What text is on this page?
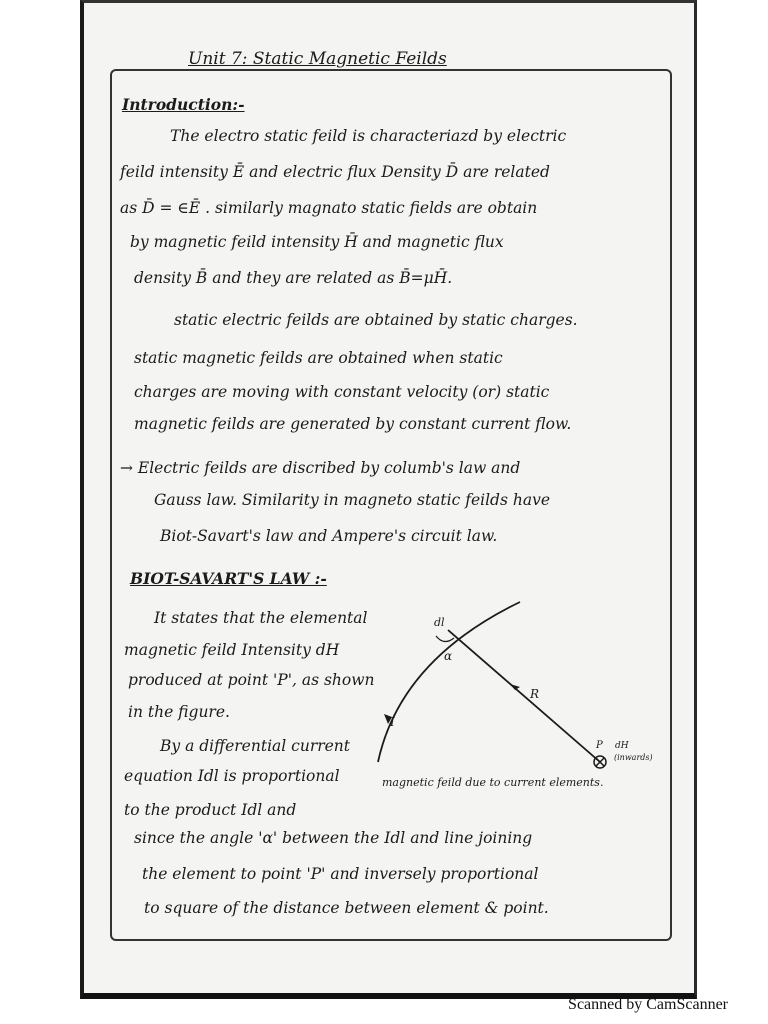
Unit 7: Static Magnetic Feilds

Introduction:-

The electro static feild is characteriazd by electric

feild intensity Ē and electric flux Density D̄ are related

as D̄ = ∈Ē . similarly magnato static fields are obtain

by magnetic feild intensity H̄ and magnetic flux

density B̄ and they are related as B̄=μH̄.

static electric feilds are obtained by static charges.

static magnetic feilds are obtained when static

charges are moving with constant velocity (or) static

magnetic feilds are generated by constant current flow.

→ Electric feilds are discribed by columb's law and

Gauss law. Similarity in magneto static feilds have

Biot-Savart's law and Ampere's circuit law.

BIOT-SAVART'S LAW :-

It states that the elemental

magnetic feild Intensity dH

produced at point 'P', as shown

in the figure.

By a differential current

equation Idl is proportional

to the product Idl and

since the angle 'α' between the Idl and line joining

the element to point 'P' and inversely proportional

to square of the distance between element & point.

dl
α
R
I
P dH
(inwards)
magnetic feild due to current elements.

Scanned by CamScanner
